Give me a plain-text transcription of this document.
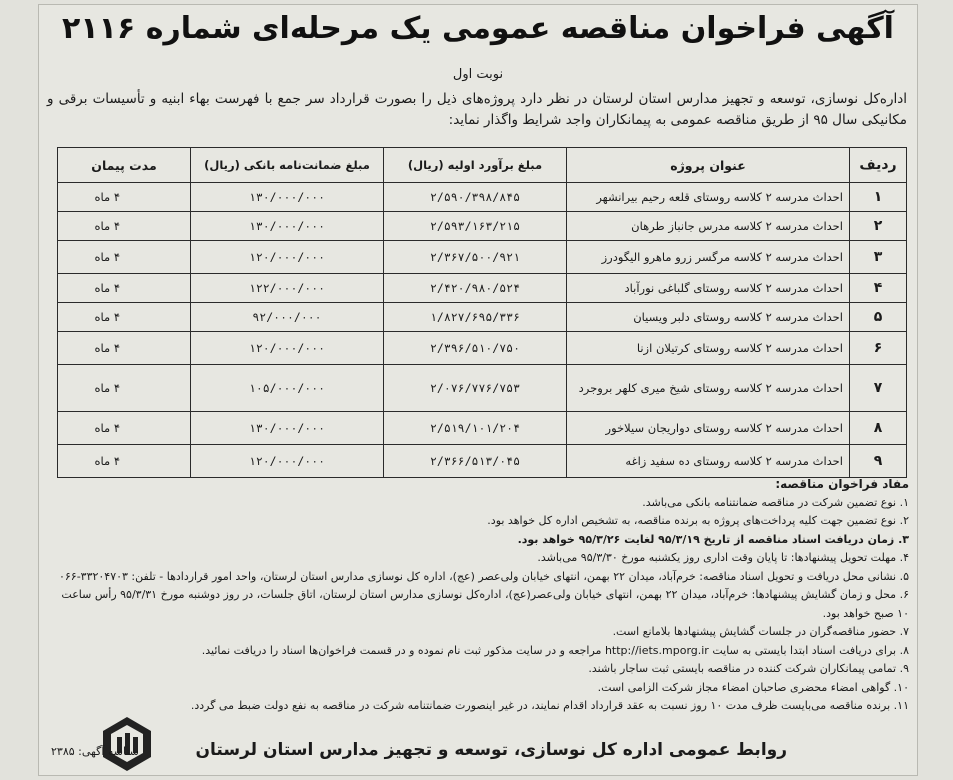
آگهی فراخوان مناقصه عمومی یک مرحله‌ای شماره ۲۱۱۶
نوبت اول
اداره‌کل نوسازی، توسعه و تجهیز مدارس استان لرستان در نظر دارد پروژه‌های ذیل را بصورت قرارداد سر جمع با فهرست بهاء ابنیه و تأسیسات برقی و مکانیکی سال ۹۵ از طریق مناقصه عمومی به پیمانکاران واجد شرایط واگذار نماید:
ردیف	عنوان پروژه	مبلغ برآورد اولیه (ریال)	مبلغ ضمانت‌نامه بانکی (ریال)	مدت پیمان
۱	احداث مدرسه ۲ کلاسه روستای قلعه رحیم بیرانشهر	۲/۵۹۰/۳۹۸/۸۴۵	۱۳۰/۰۰۰/۰۰۰	۴ ماه
۲	احداث مدرسه ۲ کلاسه مدرس جانباز طرهان	۲/۵۹۳/۱۶۳/۲۱۵	۱۳۰/۰۰۰/۰۰۰	۴ ماه
۳	احداث مدرسه ۲ کلاسه مرگسر زرو ماهرو الیگودرز	۲/۳۶۷/۵۰۰/۹۲۱	۱۲۰/۰۰۰/۰۰۰	۴ ماه
۴	احداث مدرسه ۲ کلاسه روستای گلباغی نورآباد	۲/۴۲۰/۹۸۰/۵۲۴	۱۲۲/۰۰۰/۰۰۰	۴ ماه
۵	احداث مدرسه ۲ کلاسه روستای دلبر ویسیان	۱/۸۲۷/۶۹۵/۳۳۶	۹۲/۰۰۰/۰۰۰	۴ ماه
۶	احداث مدرسه ۲ کلاسه روستای کرتیلان ازنا	۲/۳۹۶/۵۱۰/۷۵۰	۱۲۰/۰۰۰/۰۰۰	۴ ماه
۷	احداث مدرسه ۲ کلاسه روستای شیخ میری کلهر بروجرد	۲/۰۷۶/۷۷۶/۷۵۳	۱۰۵/۰۰۰/۰۰۰	۴ ماه
۸	احداث مدرسه ۲ کلاسه روستای دواریجان سیلاخور	۲/۵۱۹/۱۰۱/۲۰۴	۱۳۰/۰۰۰/۰۰۰	۴ ماه
۹	احداث مدرسه ۲ کلاسه روستای ده سفید زاغه	۲/۳۶۶/۵۱۳/۰۴۵	۱۲۰/۰۰۰/۰۰۰	۴ ماه
مفاد فراخوان مناقصه:
۱. نوع تضمین شرکت در مناقصه ضمانتنامه بانکی می‌باشد.
۲. نوع تضمین جهت کلیه پرداخت‌های پروژه به برنده مناقصه، به تشخیص اداره کل خواهد بود.
۳. زمان دریافت اسناد مناقصه از تاریخ ۹۵/۳/۱۹ لغایت ۹۵/۳/۲۶ خواهد بود.
۴. مهلت تحویل پیشنهادها: تا پایان وقت اداری روز یکشنبه مورخ ۹۵/۳/۳۰ می‌باشد.
۵. نشانی محل دریافت و تحویل اسناد مناقصه: خرم‌آباد، میدان ۲۲ بهمن، انتهای خیابان ولی‌عصر (عج)، اداره کل نوسازی مدارس استان لرستان، واحد امور قراردادها - تلفن: ۳۳۲۰۴۷۰۳-۰۶۶
۶. محل و زمان گشایش پیشنهادها: خرم‌آباد، میدان ۲۲ بهمن، انتهای خیابان ولی‌عصر(عج)، اداره‌کل نوسازی مدارس استان لرستان، اتاق جلسات، در روز دوشنبه مورخ ۹۵/۳/۳۱ رأس ساعت
۱۰ صبح خواهد بود.
۷. حضور مناقصه‌گران در جلسات گشایش پیشنهادها بلامانع است.
۸. برای دریافت اسناد ابتدا بایستی به سایت http://iets.mporg.ir مراجعه و در سایت مذکور ثبت نام نموده و در قسمت فراخوان‌ها اسناد را دریافت نمائید.
۹. تمامی پیمانکاران شرکت کننده در مناقصه بایستی ثبت ساجار باشند.
۱۰. گواهی امضاء محضری صاحبان امضاء مجاز شرکت الزامی است.
۱۱. برنده مناقصه می‌بایست ظرف مدت ۱۰ روز نسبت به عقد قرارداد اقدام نمایند، در غیر اینصورت ضمانتنامه شرکت در مناقصه به نفع دولت ضبط می گردد.
روابط عمومی اداره کل نوسازی، توسعه و تجهیز مدارس استان لرستان
شناسه آگهی: ۲۳۸۵
